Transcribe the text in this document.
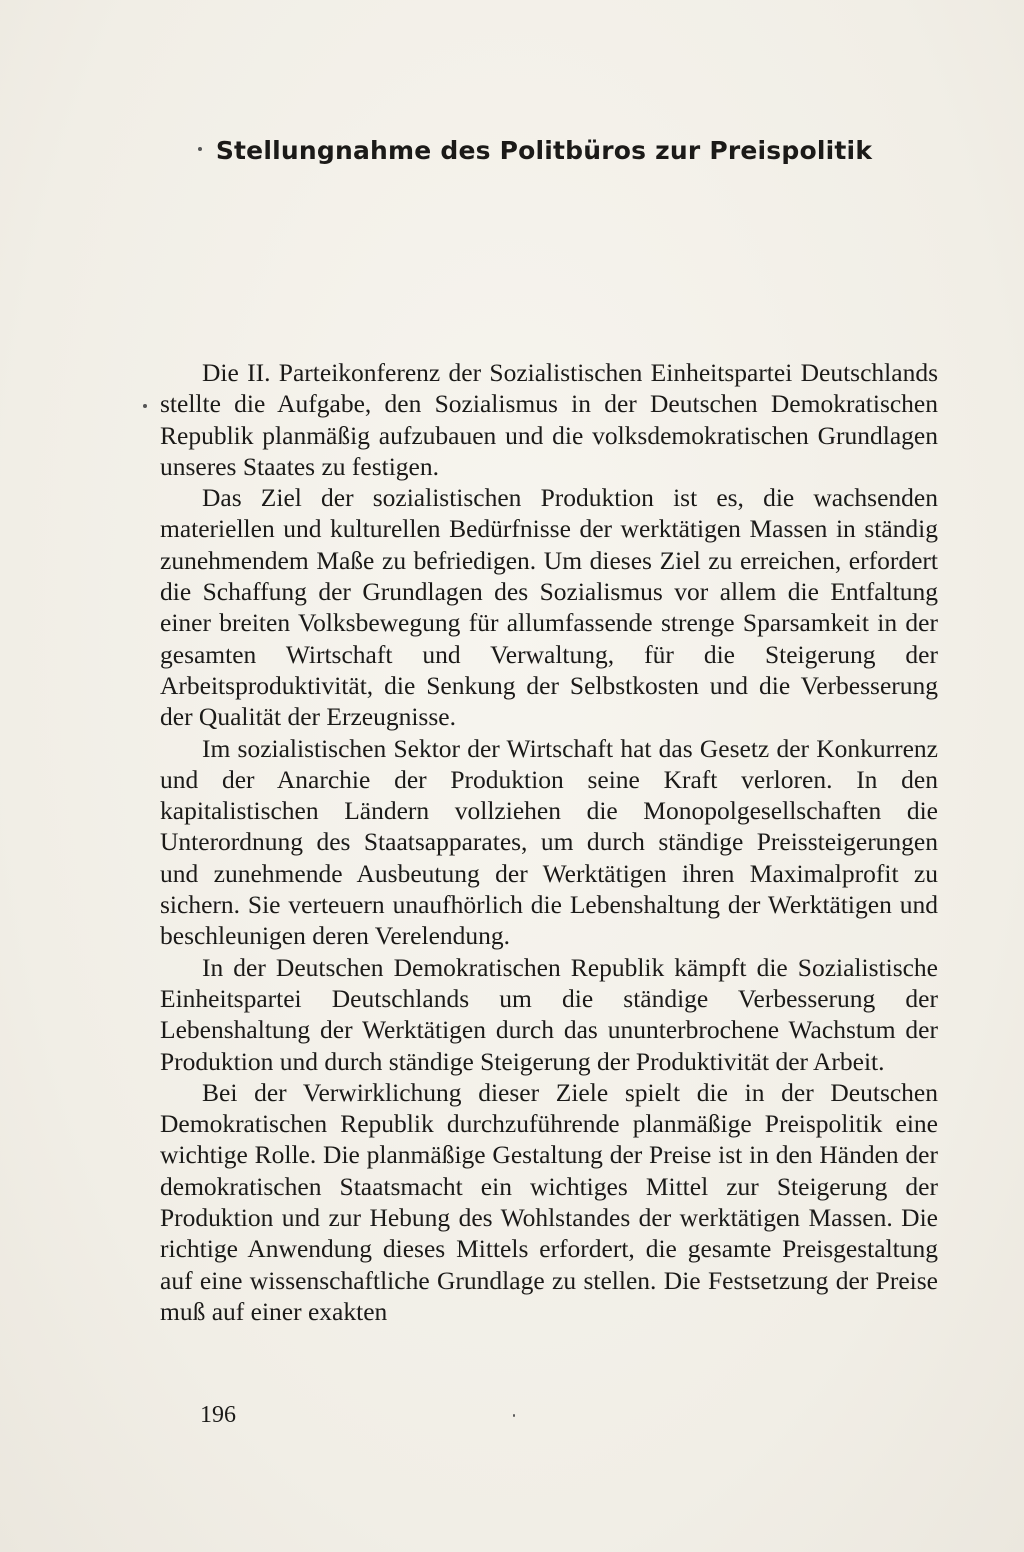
Stellungnahme des Politbüros zur Preispolitik

Die II. Parteikonferenz der Sozialistischen Einheitspartei Deutschlands stellte die Aufgabe, den Sozialismus in der Deutschen Demokratischen Republik planmäßig aufzubauen und die volksdemokratischen Grundlagen unseres Staates zu festigen.

Das Ziel der sozialistischen Produktion ist es, die wachsenden materiellen und kulturellen Bedürfnisse der werktätigen Massen in ständig zunehmendem Maße zu befriedigen. Um dieses Ziel zu erreichen, erfordert die Schaffung der Grundlagen des Sozialismus vor allem die Entfaltung einer breiten Volksbewegung für allumfassende strenge Sparsamkeit in der gesamten Wirtschaft und Verwaltung, für die Steigerung der Arbeitsproduktivität, die Senkung der Selbstkosten und die Verbesserung der Qualität der Erzeugnisse.

Im sozialistischen Sektor der Wirtschaft hat das Gesetz der Konkurrenz und der Anarchie der Produktion seine Kraft verloren. In den kapitalistischen Ländern vollziehen die Monopolgesellschaften die Unterordnung des Staatsapparates, um durch ständige Preissteigerungen und zunehmende Ausbeutung der Werktätigen ihren Maximalprofit zu sichern. Sie verteuern unaufhörlich die Lebenshaltung der Werktätigen und beschleunigen deren Verelendung.

In der Deutschen Demokratischen Republik kämpft die Sozialistische Einheitspartei Deutschlands um die ständige Verbesserung der Lebenshaltung der Werktätigen durch das ununterbrochene Wachstum der Produktion und durch ständige Steigerung der Produktivität der Arbeit.

Bei der Verwirklichung dieser Ziele spielt die in der Deutschen Demokratischen Republik durchzuführende planmäßige Preispolitik eine wichtige Rolle. Die planmäßige Gestaltung der Preise ist in den Händen der demokratischen Staatsmacht ein wichtiges Mittel zur Steigerung der Produktion und zur Hebung des Wohlstandes der werktätigen Massen. Die richtige Anwendung dieses Mittels erfordert, die gesamte Preisgestaltung auf eine wissenschaftliche Grundlage zu stellen. Die Festsetzung der Preise muß auf einer exakten

196
